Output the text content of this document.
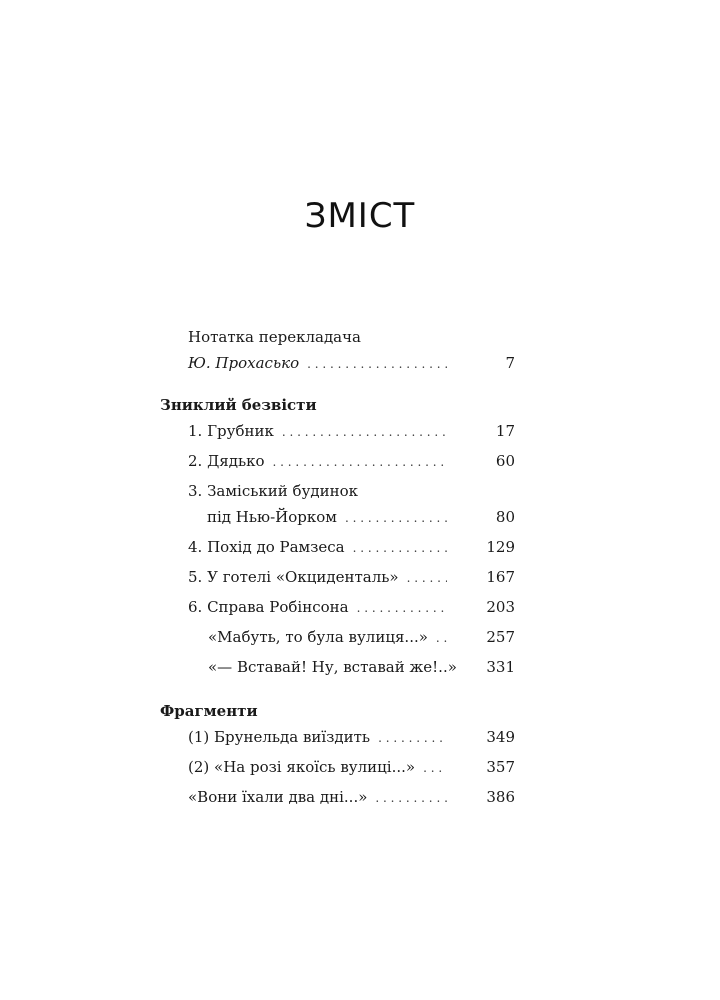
ЗМІСТ
Нотатка перекладача
Ю. Прохасько . . .	7
Зниклий безвісти
1. Грубник . . .	17
2. Дядько . . .	60
3. Заміський будинок
під Нью-Йорком . . .	80
4. Похід до Рамзеса . . .	129
5. У готелі «Окциденталь» . . .	167
6. Справа Робінсона . . .	203
«Мабуть, то була вулиця...» . . .	257
«— Вставай! Ну, вставай же!..»	331
Фрагменти
(1) Брунельда виїздить . . .	349
(2) «На розі якоїсь вулиці...» . . .	357
«Вони їхали два дні...» . . .	386
